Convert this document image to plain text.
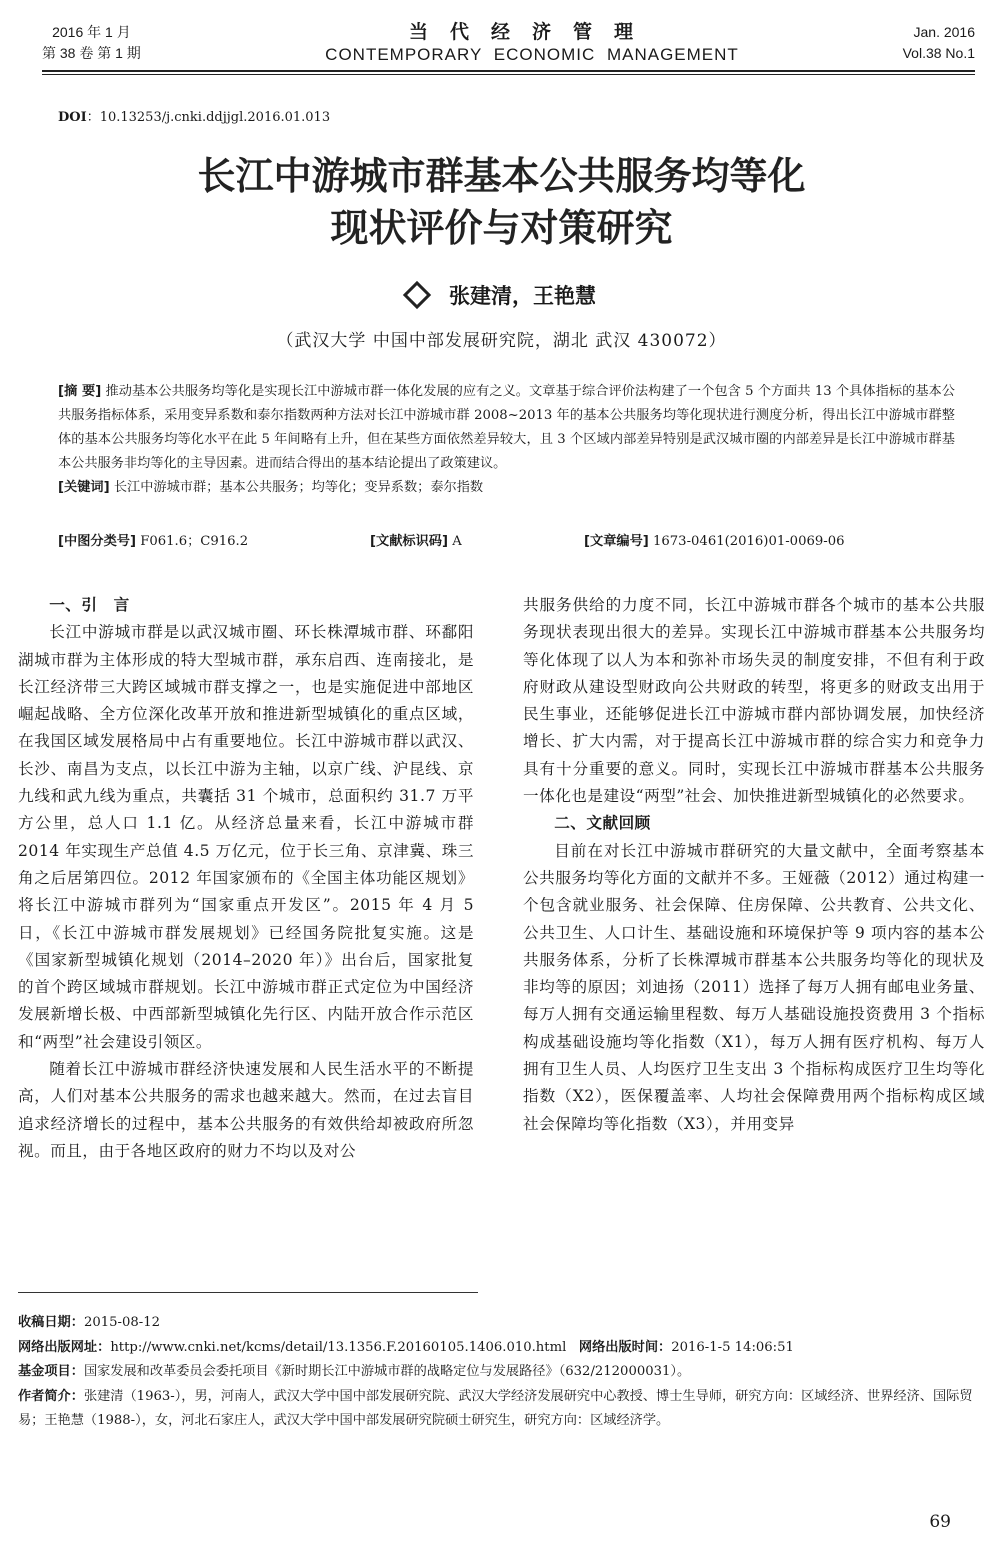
2016 年 1 月
第 38 卷 第 1 期
当代经济管理
CONTEMPORARY ECONOMIC MANAGEMENT
Jan. 2016
Vol.38 No.1
DOI：10.13253/j.cnki.ddjjgl.2016.01.013
长江中游城市群基本公共服务均等化
现状评价与对策研究
张建清，王艳慧
（武汉大学 中国中部发展研究院，湖北 武汉 430072）
[摘 要] 推动基本公共服务均等化是实现长江中游城市群一体化发展的应有之义。文章基于综合评价法构建了一个包含 5 个方面共 13 个具体指标的基本公共服务指标体系，采用变异系数和泰尔指数两种方法对长江中游城市群 2008~2013 年的基本公共服务均等化现状进行测度分析，得出长江中游城市群整体的基本公共服务均等化水平在此 5 年间略有上升，但在某些方面依然差异较大，且 3 个区域内部差异特别是武汉城市圈的内部差异是长江中游城市群基本公共服务非均等化的主导因素。进而结合得出的基本结论提出了政策建议。
[关键词] 长江中游城市群；基本公共服务；均等化；变异系数；泰尔指数
[中图分类号] F061.6；C916.2	[文献标识码] A	[文章编号] 1673-0461(2016)01-0069-06
一、引　言

长江中游城市群是以武汉城市圈、环长株潭城市群、环鄱阳湖城市群为主体形成的特大型城市群，承东启西、连南接北，是长江经济带三大跨区域城市群支撑之一，也是实施促进中部地区崛起战略、全方位深化改革开放和推进新型城镇化的重点区域，在我国区域发展格局中占有重要地位。长江中游城市群以武汉、长沙、南昌为支点，以长江中游为主轴，以京广线、沪昆线、京九线和武九线为重点，共囊括 31 个城市，总面积约 31.7 万平方公里，总人口 1.1 亿。从经济总量来看，长江中游城市群 2014 年实现生产总值 4.5 万亿元，位于长三角、京津冀、珠三角之后居第四位。2012 年国家颁布的《全国主体功能区规划》将长江中游城市群列为“国家重点开发区”。2015 年 4 月 5 日，《长江中游城市群发展规划》已经国务院批复实施。这是《国家新型城镇化规划（2014–2020 年）》出台后，国家批复的首个跨区域城市群规划。长江中游城市群正式定位为中国经济发展新增长极、中西部新型城镇化先行区、内陆开放合作示范区和“两型”社会建设引领区。

随着长江中游城市群经济快速发展和人民生活水平的不断提高，人们对基本公共服务的需求也越来越大。然而，在过去盲目追求经济增长的过程中，基本公共服务的有效供给却被政府所忽视。而且，由于各地区政府的财力不均以及对公

共服务供给的力度不同，长江中游城市群各个城市的基本公共服务现状表现出很大的差异。实现长江中游城市群基本公共服务均等化体现了以人为本和弥补市场失灵的制度安排，不但有利于政府财政从建设型财政向公共财政的转型，将更多的财政支出用于民生事业，还能够促进长江中游城市群内部协调发展，加快经济增长、扩大内需，对于提高长江中游城市群的综合实力和竞争力具有十分重要的意义。同时，实现长江中游城市群基本公共服务一体化也是建设“两型”社会、加快推进新型城镇化的必然要求。

二、文献回顾

目前在对长江中游城市群研究的大量文献中，全面考察基本公共服务均等化方面的文献并不多。王娅薇（2012）通过构建一个包含就业服务、社会保障、住房保障、公共教育、公共文化、公共卫生、人口计生、基础设施和环境保护等 9 项内容的基本公共服务体系，分析了长株潭城市群基本公共服务均等化的现状及非均等的原因；刘迪扬（2011）选择了每万人拥有邮电业务量、每万人拥有交通运输里程数、每万人基础设施投资费用 3 个指标构成基础设施均等化指数（X1），每万人拥有医疗机构、每万人拥有卫生人员、人均医疗卫生支出 3 个指标构成医疗卫生均等化指数（X2），医保覆盖率、人均社会保障费用两个指标构成区域社会保障均等化指数（X3），并用变异

收稿日期：2015-08-12
网络出版网址：http://www.cnki.net/kcms/detail/13.1356.F.20160105.1406.010.html 网络出版时间：2016-1-5 14:06:51
基金项目：国家发展和改革委员会委托项目《新时期长江中游城市群的战略定位与发展路径》（632/212000031）。
作者简介：张建清（1963-），男，河南人，武汉大学中国中部发展研究院、武汉大学经济发展研究中心教授、博士生导师，研究方向：区域经济、世界经济、国际贸易；王艳慧（1988-），女，河北石家庄人，武汉大学中国中部发展研究院硕士研究生，研究方向：区域经济学。
69
